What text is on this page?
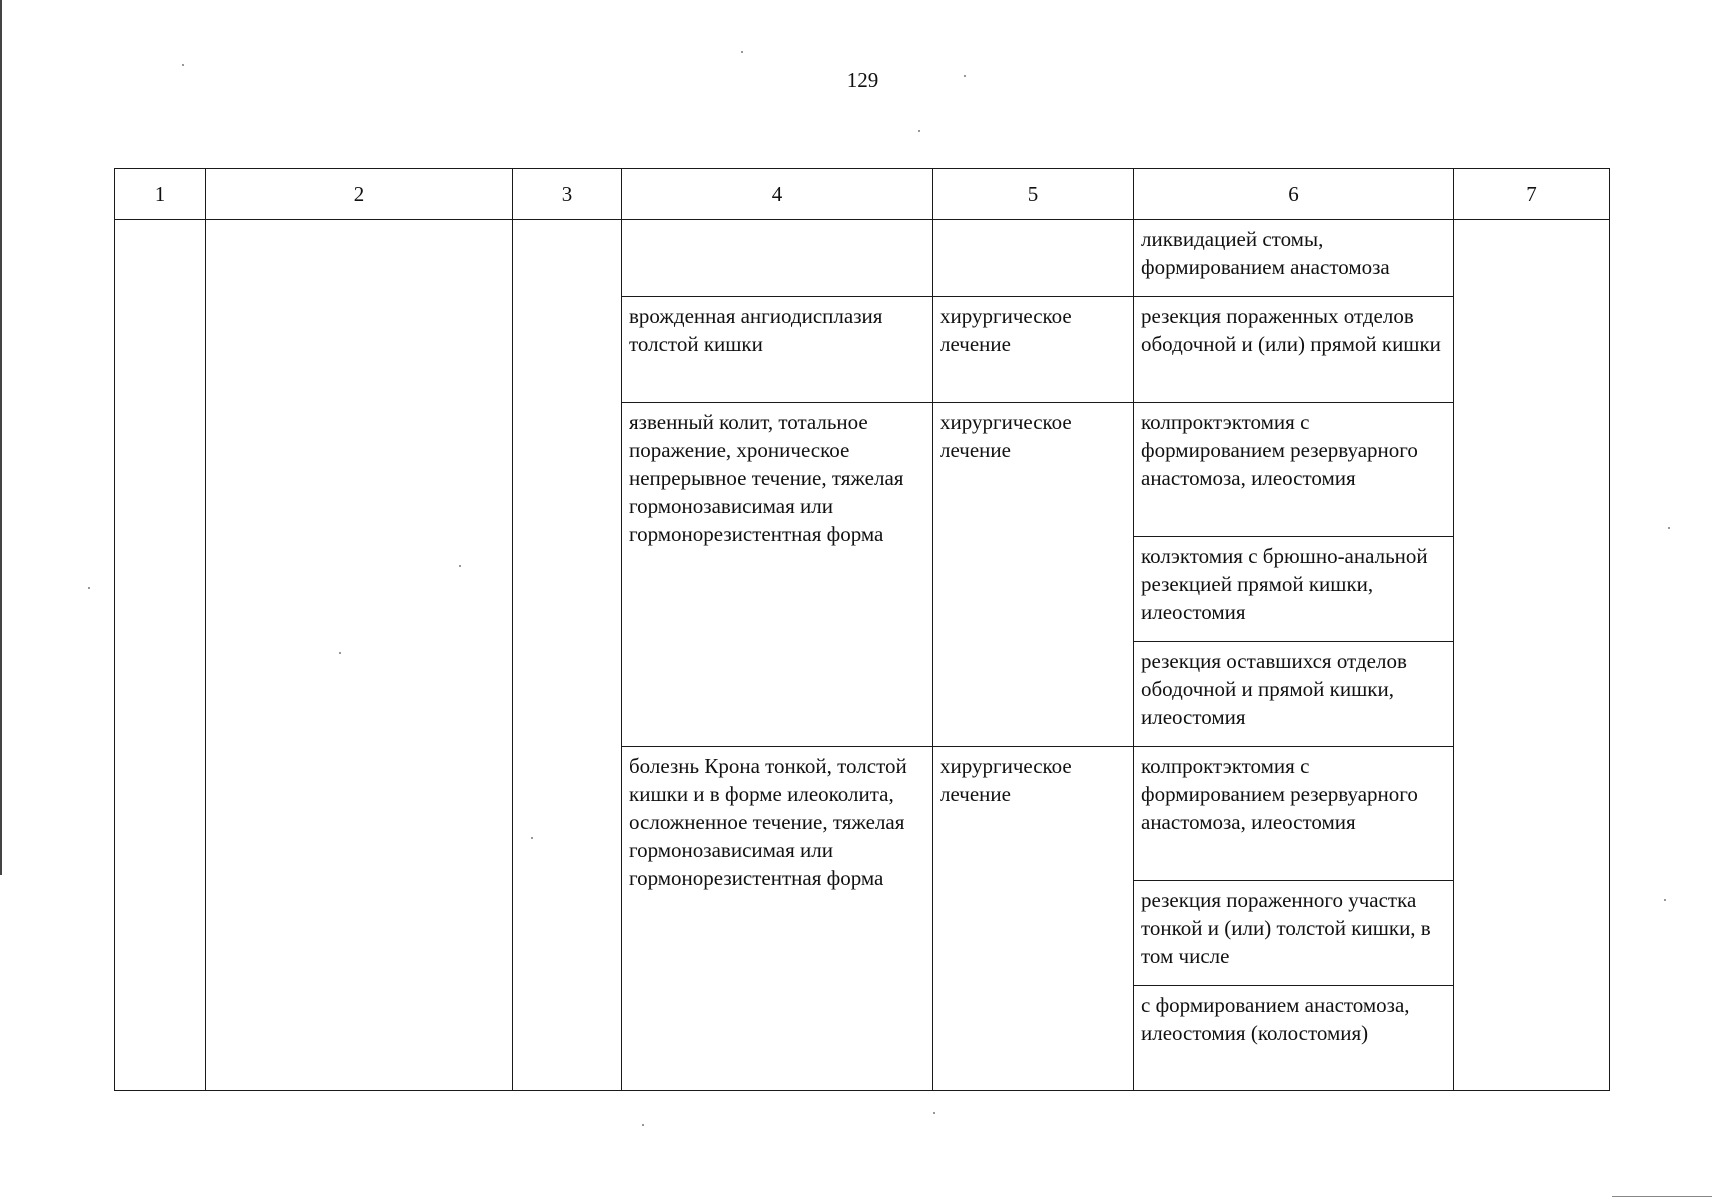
129
1	2	3	4	5	6	7
					ликвидацией стомы, формированием анастомоза	
			врожденная ангиодисплазия толстой кишки	хирургическое лечение	резекция пораженных отделов ободочной и (или) прямой кишки	
			язвенный колит, тотальное поражение, хроническое непрерывное течение, тяжелая гормонозависимая или гормонорезистентная форма	хирургическое лечение	колпроктэктомия с формированием резервуарного анастомоза, илеостомия	
					колэктомия с брюшно-анальной резекцией прямой кишки, илеостомия	
					резекция оставшихся отделов ободочной и прямой кишки, илеостомия	
			болезнь Крона тонкой, толстой кишки и в форме илеоколита, осложненное течение, тяжелая гормонозависимая или гормонорезистентная форма	хирургическое лечение	колпроктэктомия с формированием резервуарного анастомоза, илеостомия	
					резекция пораженного участка тонкой и (или) толстой кишки, в том числе	
					с формированием анастомоза, илеостомия (колостомия)	
